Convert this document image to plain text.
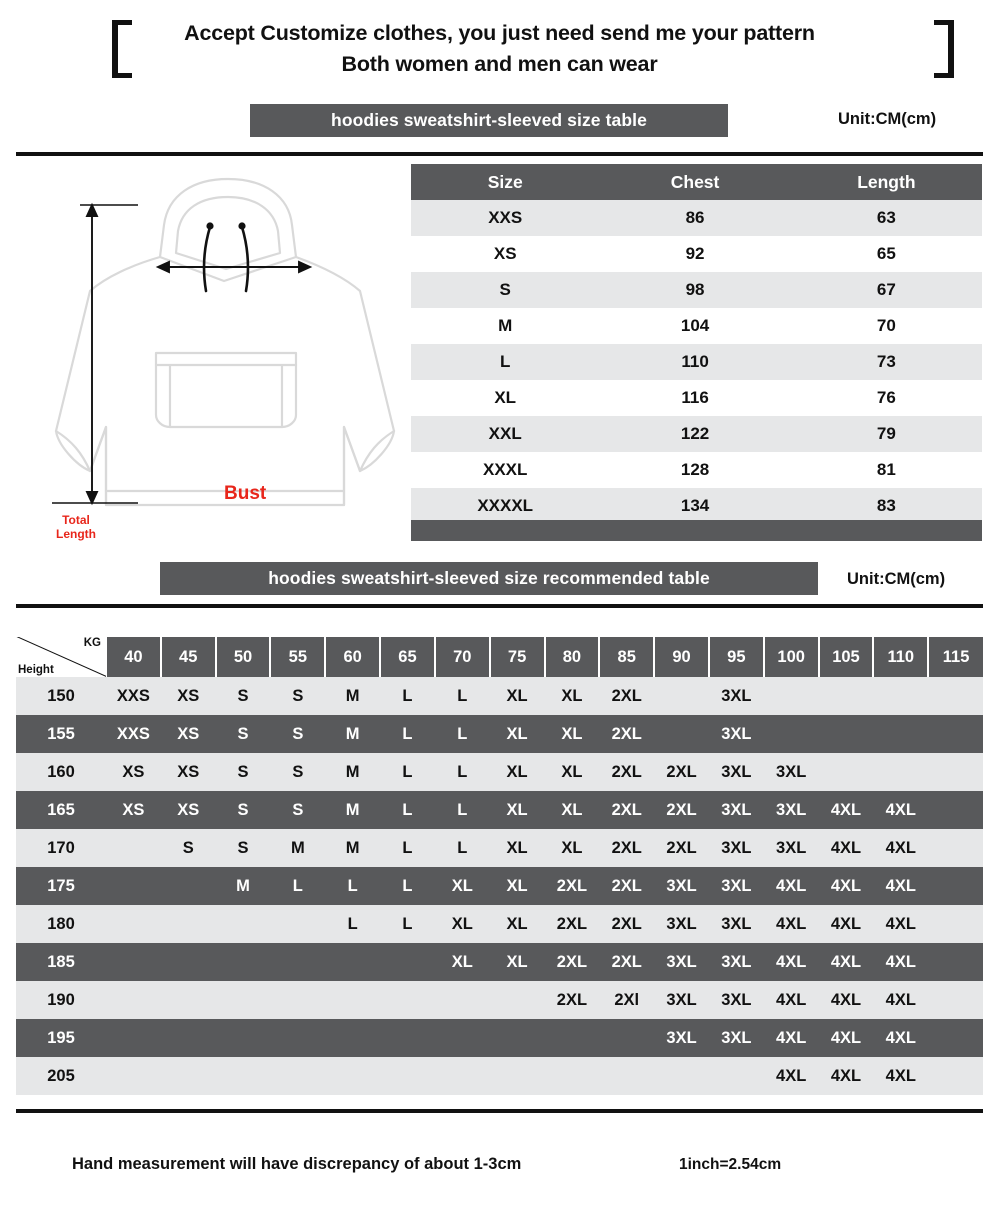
Accept Customize clothes, you just need send me your pattern
Both women and men can wear
hoodies sweatshirt-sleeved size table	Unit:CM(cm)
Bust
Total
Length
Size	Chest	Length
XXS	86	63
XS	92	65
S	98	67
M	104	70
L	110	73
XL	116	76
XXL	122	79
XXXL	128	81
XXXXL	134	83
hoodies sweatshirt-sleeved size recommended table	Unit:CM(cm)
KG
Height	40	45	50	55	60	65	70	75	80	85	90	95	100	105	110	115
150	XXS	XS	S	S	M	L	L	XL	XL	2XL		3XL				
155	XXS	XS	S	S	M	L	L	XL	XL	2XL		3XL				
160	XS	XS	S	S	M	L	L	XL	XL	2XL	2XL	3XL	3XL			
165	XS	XS	S	S	M	L	L	XL	XL	2XL	2XL	3XL	3XL	4XL	4XL	
170		S	S	M	M	L	L	XL	XL	2XL	2XL	3XL	3XL	4XL	4XL	
175			M	L	L	L	XL	XL	2XL	2XL	3XL	3XL	4XL	4XL	4XL	
180					L	L	XL	XL	2XL	2XL	3XL	3XL	4XL	4XL	4XL	
185							XL	XL	2XL	2XL	3XL	3XL	4XL	4XL	4XL	
190									2XL	2Xl	3XL	3XL	4XL	4XL	4XL	
195											3XL	3XL	4XL	4XL	4XL	
205													4XL	4XL	4XL	
Hand measurement will have discrepancy of about 1-3cm	1inch=2.54cm
